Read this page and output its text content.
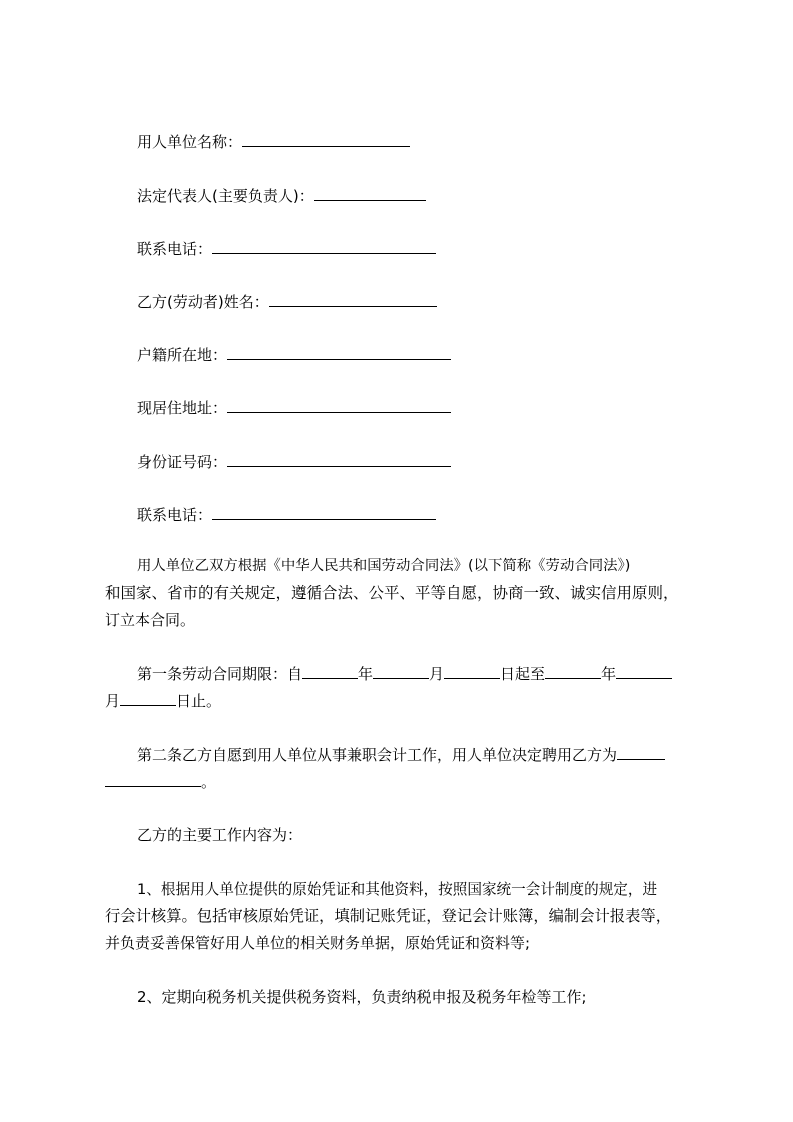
用人单位名称：
法定代表人(主要负责人)：
联系电话：
乙方(劳动者)姓名：
户籍所在地：
现居住地址：
身份证号码：
联系电话：
用人单位乙双方根据《中华人民共和国劳动合同法》(以下简称《劳动合同法》)
和国家、省市的有关规定，遵循合法、公平、平等自愿，协商一致、诚实信用原则，
订立本合同。
第一条劳动合同期限：自	年	月	日起至	年
月	日止。
第二条乙方自愿到用人单位从事兼职会计工作，用人单位决定聘用乙方为
。
乙方的主要工作内容为：
1、根据用人单位提供的原始凭证和其他资料，按照国家统一会计制度的规定，进
行会计核算。包括审核原始凭证，填制记账凭证，登记会计账簿，编制会计报表等，
并负责妥善保管好用人单位的相关财务单据，原始凭证和资料等;
2、定期向税务机关提供税务资料，负责纳税申报及税务年检等工作;
